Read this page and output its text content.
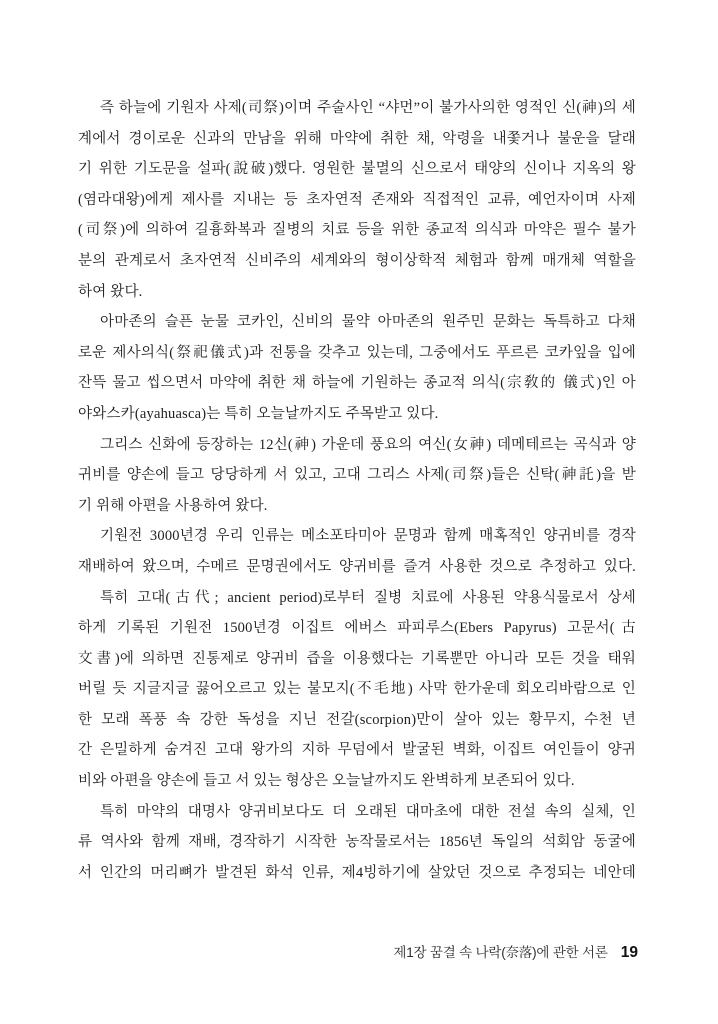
즉 하늘에 기원자 사제(司祭)이며 주술사인 “샤먼”이 불가사의한 영적인 신(神)의 세
계에서 경이로운 신과의 만남을 위해 마약에 취한 채, 악령을 내쫓거나 불운을 달래
기 위한 기도문을 설파(說破)했다. 영원한 불멸의 신으로서 태양의 신이나 지옥의 왕
(염라대왕)에게 제사를 지내는 등 초자연적 존재와 직접적인 교류, 예언자이며 사제
(司祭)에 의하여 길흉화복과 질병의 치료 등을 위한 종교적 의식과 마약은 필수 불가
분의 관계로서 초자연적 신비주의 세계와의 형이상학적 체험과 함께 매개체 역할을
하여 왔다.
아마존의 슬픈 눈물 코카인, 신비의 물약 아마존의 원주민 문화는 독특하고 다채
로운 제사의식(祭祀儀式)과 전통을 갖추고 있는데, 그중에서도 푸르른 코카잎을 입에
잔뜩 물고 씹으면서 마약에 취한 채 하늘에 기원하는 종교적 의식(宗敎的 儀式)인 아
야와스카(ayahuasca)는 특히 오늘날까지도 주목받고 있다.
그리스 신화에 등장하는 12신(神) 가운데 풍요의 여신(女神) 데메테르는 곡식과 양
귀비를 양손에 들고 당당하게 서 있고, 고대 그리스 사제(司祭)들은 신탁(神託)을 받
기 위해 아편을 사용하여 왔다.
기원전 3000년경 우리 인류는 메소포타미아 문명과 함께 매혹적인 양귀비를 경작
재배하여 왔으며, 수메르 문명권에서도 양귀비를 즐겨 사용한 것으로 추정하고 있다.
특히 고대(古代; ancient period)로부터 질병 치료에 사용된 약용식물로서 상세
하게 기록된 기원전 1500년경 이집트 에버스 파피루스(Ebers Papyrus) 고문서(古
文書)에 의하면 진통제로 양귀비 즙을 이용했다는 기록뿐만 아니라 모든 것을 태워
버릴 듯 지글지글 끓어오르고 있는 불모지(不毛地) 사막 한가운데 회오리바람으로 인
한 모래 폭풍 속 강한 독성을 지닌 전갈(scorpion)만이 살아 있는 황무지, 수천 년
간 은밀하게 숨겨진 고대 왕가의 지하 무덤에서 발굴된 벽화, 이집트 여인들이 양귀
비와 아편을 양손에 들고 서 있는 형상은 오늘날까지도 완벽하게 보존되어 있다.
특히 마약의 대명사 양귀비보다도 더 오래된 대마초에 대한 전설 속의 실체, 인
류 역사와 함께 재배, 경작하기 시작한 농작물로서는 1856년 독일의 석회암 동굴에
서 인간의 머리뼈가 발견된 화석 인류, 제4빙하기에 살았던 것으로 추정되는 네안데
제1장 꿈결 속 나락(奈落)에 관한 서론 19
